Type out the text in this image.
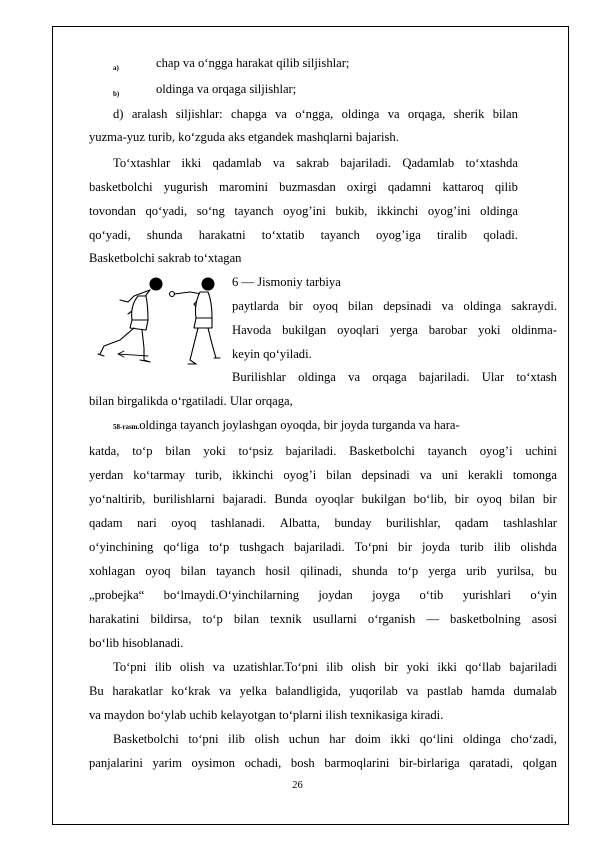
a)	chap va o‘ngga harakat qilib siljishlar;
b)	oldinga va orqaga siljishlar;
d) aralash siljishlar: chapga va o‘ngga, oldinga va orqaga, sherik bilan
yuzma-yuz turib, ko‘zguda aks etgandek mashqlarni bajarish.
To‘xtashlar ikki qadamlab va sakrab bajariladi. Qadamlab to‘xtashda
basketbolchi yugurish maromini buzmasdan oxirgi qadamni kattaroq qilib
tovondan qo‘yadi, so‘ng tayanch oyog’ini bukib, ikkinchi oyog’ini oldinga
qo‘yadi, shunda harakatni to‘xtatib tayanch oyog’iga tiralib qoladi.
Basketbolchi sakrab to‘xtagan
6 — Jismoniy tarbiya
paytlarda bir oyoq bilan depsinadi va oldinga sakraydi.
Havoda bukilgan oyoqlari yerga barobar yoki oldinma-
keyin qo‘yiladi.
Burilishlar oldinga va orqaga bajariladi. Ular to‘xtash
bilan birgalikda o‘rgatiladi. Ular orqaga,
58-rasm.oldinga tayanch joylashgan oyoqda, bir joyda turganda va hara-
katda, to‘p bilan yoki to‘psiz bajariladi. Basketbolchi tayanch oyog’i uchini
yerdan ko‘tarmay turib, ikkinchi oyog’i bilan depsinadi va uni kerakli tomonga
yo‘naltirib, burilishlarni bajaradi. Bunda oyoqlar bukilgan bo‘lib, bir oyoq bilan bir
qadam nari oyoq tashlanadi. Albatta, bunday burilishlar, qadam tashlashlar
o‘yinchining qo‘liga to‘p tushgach bajariladi. To‘pni bir joyda turib ilib olishda
xohlagan oyoq bilan tayanch hosil qilinadi, shunda to‘p yerga urib yurilsa, bu
„probejka“ bo‘lmaydi.O‘yinchilarning joydan joyga o‘tib yurishlari o‘yin
harakatini bildirsa, to‘p bilan texnik usullarni o‘rganish — basketbolning asosi
bo‘lib hisoblanadi.
To‘pni ilib olish va uzatishlar.To‘pni ilib olish bir yoki ikki qo‘llab bajariladi
Bu harakatlar ko‘krak va yelka balandligida, yuqorilab va pastlab hamda dumalab
va maydon bo‘ylab uchib kelayotgan to‘plarni ilish texnikasiga kiradi.
Basketbolchi to‘pni ilib olish uchun har doim ikki qo‘lini oldinga cho‘zadi,
panjalarini yarim oysimon ochadi, bosh barmoqlarini bir-birlariga qaratadi, qolgan
26
